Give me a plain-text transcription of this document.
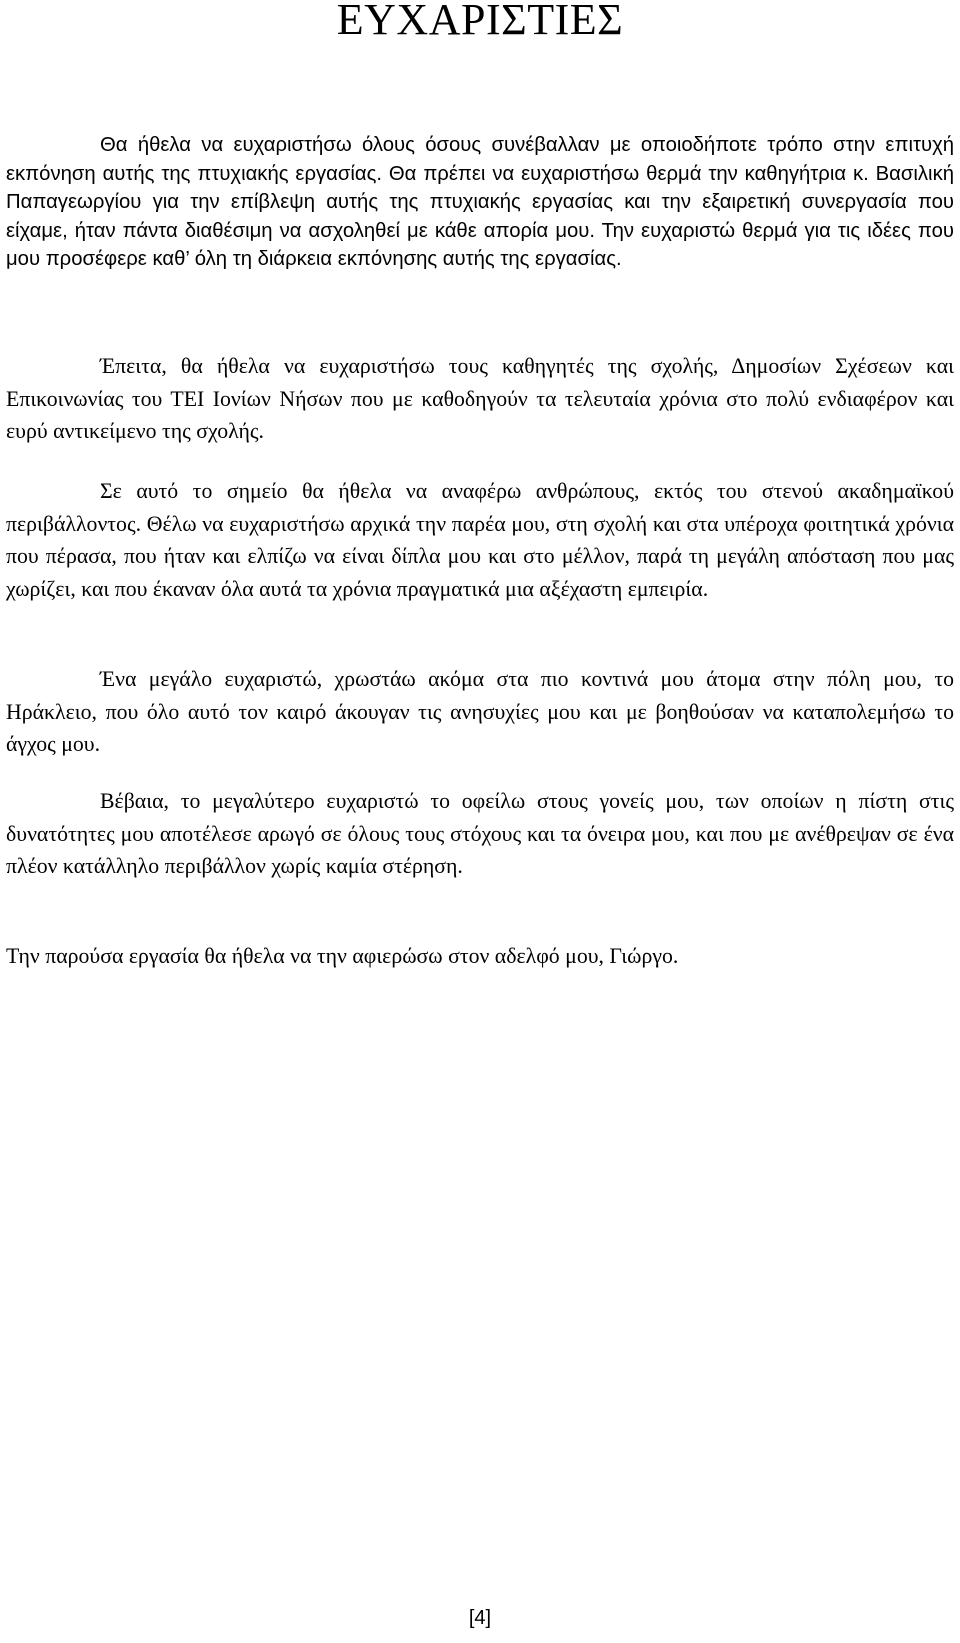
ΕΥΧΑΡΙΣΤΙΕΣ

Θα ήθελα να ευχαριστήσω όλους όσους συνέβαλλαν με οποιοδήποτε τρόπο στην επιτυχή εκπόνηση αυτής της πτυχιακής εργασίας. Θα πρέπει να ευχαριστήσω θερμά την καθηγήτρια κ. Βασιλική Παπαγεωργίου για την επίβλεψη αυτής της πτυχιακής εργασίας και την εξαιρετική συνεργασία που είχαμε, ήταν πάντα διαθέσιμη να ασχοληθεί με κάθε απορία μου. Την ευχαριστώ θερμά για τις ιδέες που μου προσέφερε καθ’ όλη τη διάρκεια εκπόνησης αυτής της εργασίας.

Έπειτα, θα ήθελα να ευχαριστήσω τους καθηγητές της σχολής, Δημοσίων Σχέσεων και Επικοινωνίας του ΤΕΙ Ιονίων Νήσων που με καθοδηγούν τα τελευταία χρόνια στο πολύ ενδιαφέρον και ευρύ αντικείμενο της σχολής.

Σε αυτό το σημείο θα ήθελα να αναφέρω ανθρώπους, εκτός του στενού ακαδημαϊκού περιβάλλοντος. Θέλω να ευχαριστήσω αρχικά την παρέα μου, στη σχολή και στα υπέροχα φοιτητικά χρόνια που πέρασα, που ήταν και ελπίζω να είναι δίπλα μου και στο μέλλον, παρά τη μεγάλη απόσταση που μας χωρίζει, και που έκαναν όλα αυτά τα χρόνια πραγματικά μια αξέχαστη εμπειρία.

Ένα μεγάλο ευχαριστώ, χρωστάω ακόμα στα πιο κοντινά μου άτομα στην πόλη μου, το Ηράκλειο, που όλο αυτό τον καιρό άκουγαν τις ανησυχίες μου και με βοηθούσαν να καταπολεμήσω το άγχος μου.

Βέβαια, το μεγαλύτερο ευχαριστώ το οφείλω στους γονείς μου, των οποίων η πίστη στις δυνατότητες μου αποτέλεσε αρωγό σε όλους τους στόχους και τα όνειρα μου, και που με ανέθρεψαν σε ένα πλέον κατάλληλο περιβάλλον χωρίς καμία στέρηση.

Την παρούσα εργασία θα ήθελα να την αφιερώσω στον αδελφό μου, Γιώργο.

[4]
